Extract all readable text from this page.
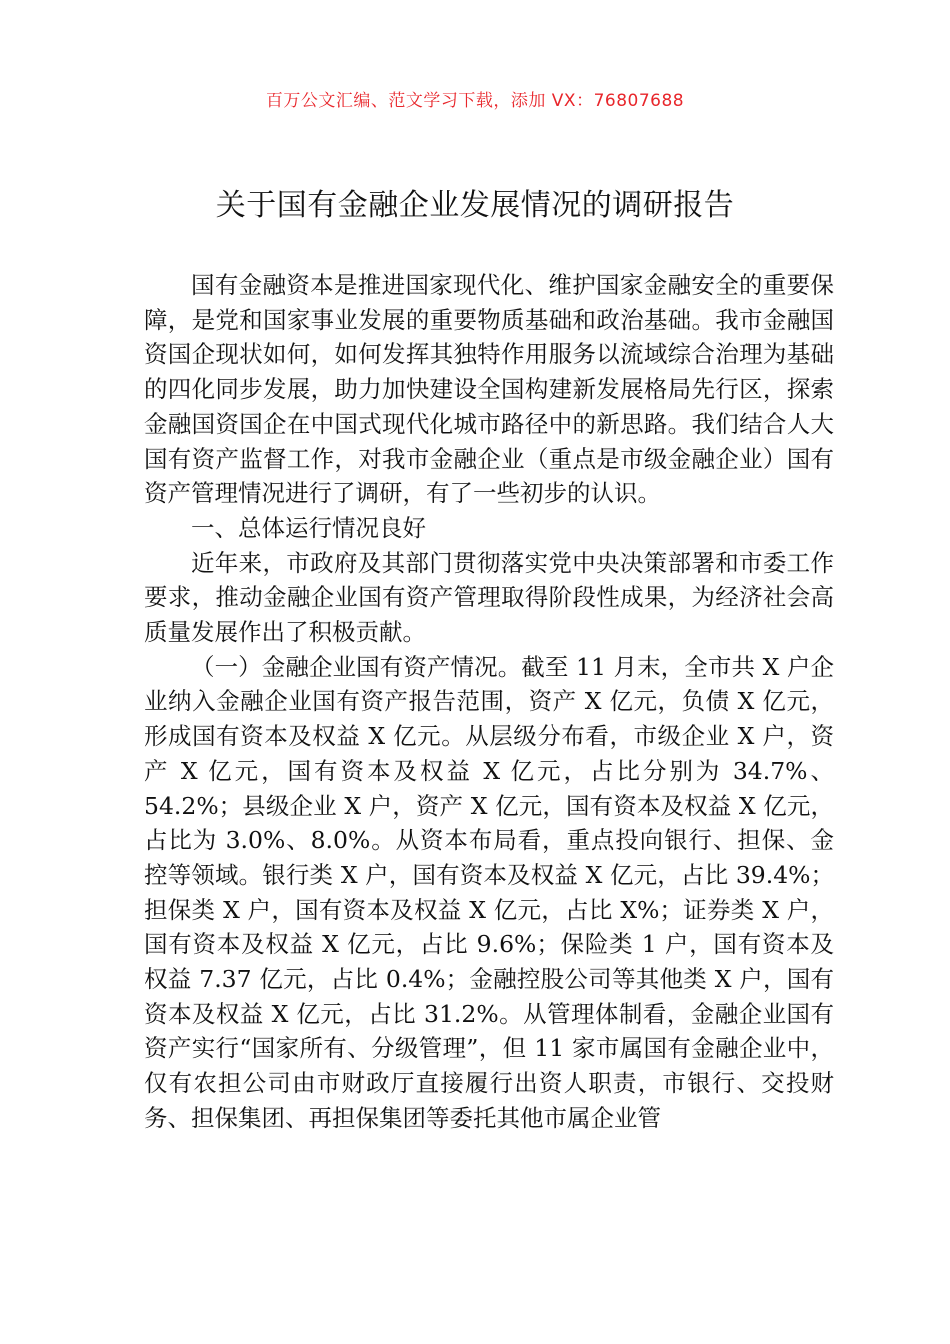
百万公文汇编、范文学习下载，添加 VX：76807688
关于国有金融企业发展情况的调研报告

国有金融资本是推进国家现代化、维护国家金融安全的重要保障，是党和国家事业发展的重要物质基础和政治基础。我市金融国资国企现状如何，如何发挥其独特作用服务以流域综合治理为基础的四化同步发展，助力加快建设全国构建新发展格局先行区，探索金融国资国企在中国式现代化城市路径中的新思路。我们结合人大国有资产监督工作，对我市金融企业（重点是市级金融企业）国有资产管理情况进行了调研，有了一些初步的认识。

一、总体运行情况良好

近年来，市政府及其部门贯彻落实党中央决策部署和市委工作要求，推动金融企业国有资产管理取得阶段性成果，为经济社会高质量发展作出了积极贡献。

（一）金融企业国有资产情况。截至 11 月末，全市共 X 户企业纳入金融企业国有资产报告范围，资产 X 亿元，负债 X 亿元，形成国有资本及权益 X 亿元。从层级分布看，市级企业 X 户，资产 X 亿元，国有资本及权益 X 亿元，占比分别为 34.7%、54.2%；县级企业 X 户，资产 X 亿元，国有资本及权益 X 亿元，占比为 3.0%、8.0%。从资本布局看，重点投向银行、担保、金控等领域。银行类 X 户，国有资本及权益 X 亿元，占比 39.4%；担保类 X 户，国有资本及权益 X 亿元，占比 X%；证券类 X 户，国有资本及权益 X 亿元，占比 9.6%；保险类 1 户，国有资本及权益 7.37 亿元，占比 0.4%；金融控股公司等其他类 X 户，国有资本及权益 X 亿元，占比 31.2%。从管理体制看，金融企业国有资产实行“国家所有、分级管理”，但 11 家市属国有金融企业中，仅有农担公司由市财政厅直接履行出资人职责，市银行、交投财务、担保集团、再担保集团等委托其他市属企业管
